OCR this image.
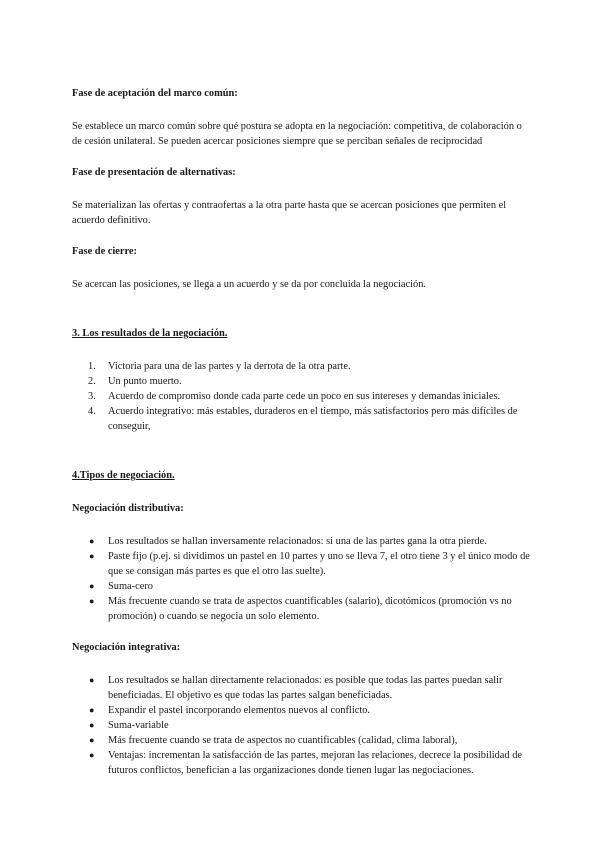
Fase de aceptación del marco común:

Se establece un marco común sobre qué postura se adopta en la negociación: competitiva, de colaboración o de cesión unilateral. Se pueden acercar posiciones siempre que se perciban señales de reciprocidad

Fase de presentación de alternativas:

Se materializan las ofertas y contraofertas a la otra parte hasta que se acercan posiciones que permiten el acuerdo definitivo.

Fase de cierre:

Se acercan las posiciones, se llega a un acuerdo y se da por concluida la negociación.

3. Los resultados de la negociación.

1. Victoria para una de las partes y la derrota de la otra parte.
2. Un punto muerto.
3. Acuerdo de compromiso donde cada parte cede un poco en sus intereses y demandas iniciales.
4. Acuerdo integrativo: más estables, duraderos en el tiempo, más satisfactorios pero más difíciles de conseguir,

4.Tipos de negociación.

Negociación distributiva:

● Los resultados se hallan inversamente relacionados: si una de las partes gana la otra pierde.
● Paste fijo (p.ej. si dividimos un pastel en 10 partes y uno se lleva 7, el otro tiene 3 y el único modo de que se consigan más partes es que el otro las suelte).
● Suma-cero
● Más frecuente cuando se trata de aspectos cuantificables (salario), dicotómicos (promoción vs no promoción) o cuando se negocia un solo elemento.

Negociación integrativa:

● Los resultados se hallan directamente relacionados: es posible que todas las partes puedan salir beneficiadas. El objetivo es que todas las partes salgan beneficiadas.
● Expandir el pastel incorporando elementos nuevos al conflicto.
● Suma-variable
● Más frecuente cuando se trata de aspectos no cuantificables (calidad, clima laboral),
● Ventajas: incrementan la satisfacción de las partes, mejoran las relaciones, decrece la posibilidad de futuros conflictos, benefician a las organizaciones donde tienen lugar las negociaciones.
